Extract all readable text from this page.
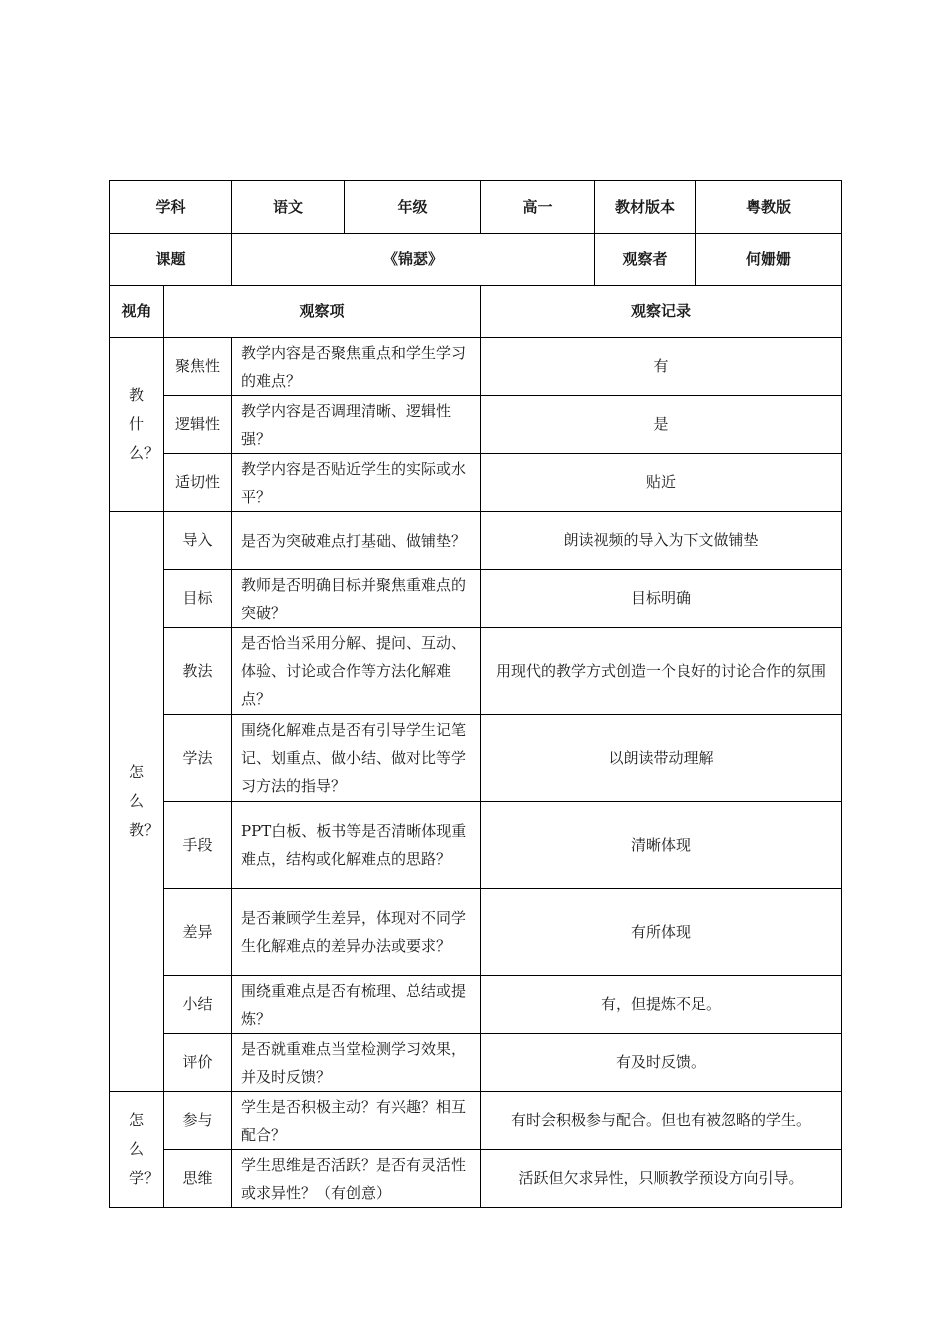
学科		语文	年级	高一	教材版本	粤教版
课题		《锦瑟》			观察者	何姗姗
视角	观察项			观察记录		
教什么？	聚焦性	教学内容是否聚焦重点和学生学习的难点？		有		
	逻辑性	教学内容是否调理清晰、逻辑性强？		是		
	适切性	教学内容是否贴近学生的实际或水平？		贴近		
怎么教？	导入	是否为突破难点打基础、做铺垫？		朗读视频的导入为下文做铺垫		
	目标	教师是否明确目标并聚焦重难点的突破？		目标明确		
	教法	是否恰当采用分解、提问、互动、体验、讨论或合作等方法化解难点？		用现代的教学方式创造一个良好的讨论合作的氛围		
	学法	围绕化解难点是否有引导学生记笔记、划重点、做小结、做对比等学习方法的指导？		以朗读带动理解		
	手段	PPT白板、板书等是否清晰体现重难点，结构或化解难点的思路？		清晰体现		
	差异	是否兼顾学生差异，体现对不同学生化解难点的差异办法或要求？		有所体现		
	小结	围绕重难点是否有梳理、总结或提炼？		有，但提炼不足。		
	评价	是否就重难点当堂检测学习效果，并及时反馈？		有及时反馈。		
怎么学？	参与	学生是否积极主动？有兴趣？相互配合？		有时会积极参与配合。但也有被忽略的学生。		
	思维	学生思维是否活跃？是否有灵活性或求异性？（有创意）		活跃但欠求异性，只顺教学预设方向引导。		
